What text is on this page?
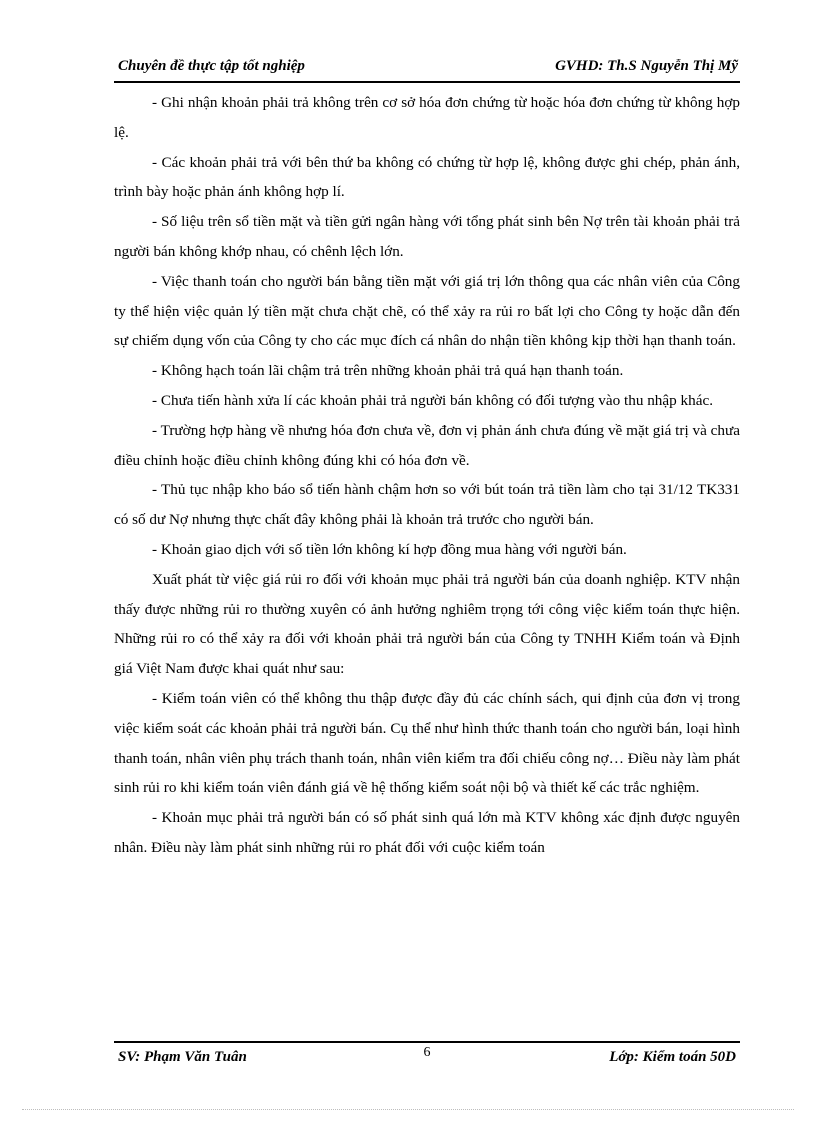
Chuyên đề thực tập tốt nghiệp	GVHD: Th.S Nguyễn Thị Mỹ

- Ghi nhận khoản phải trả không trên cơ sở hóa đơn chứng từ hoặc hóa đơn chứng từ không hợp lệ.

- Các khoản phải trả với bên thứ ba không có chứng từ hợp lệ, không được ghi chép, phản ánh, trình bày hoặc phản ánh không hợp lí.

- Số liệu trên sổ tiền mặt và tiền gửi ngân hàng với tổng phát sinh bên Nợ trên tài khoản phải trả người bán không khớp nhau, có chênh lệch lớn.

- Việc thanh toán cho người bán bằng tiền mặt với giá trị lớn thông qua các nhân viên của Công ty thể hiện việc quản lý tiền mặt chưa chặt chẽ, có thể xảy ra rủi ro bất lợi cho Công ty hoặc dẫn đến sự chiếm dụng vốn của Công ty cho các mục đích cá nhân do nhận tiền không kịp thời hạn thanh toán.

- Không hạch toán lãi chậm trả trên những khoản phải trả quá hạn thanh toán.

- Chưa tiến hành xửa lí các khoản phải trả người bán không có đối tượng vào thu nhập khác.

- Trường hợp hàng về nhưng hóa đơn chưa về, đơn vị phản ánh chưa đúng về mặt giá trị và chưa điều chỉnh hoặc điều chỉnh không đúng khi có hóa đơn về.

- Thủ tục nhập kho báo sổ tiến hành chậm hơn so với bút toán trả tiền làm cho tại 31/12 TK331 có số dư Nợ nhưng thực chất đây không phải là khoản trả trước cho người bán.

- Khoản giao dịch với số tiền lớn không kí hợp đồng mua hàng với người bán.

Xuất phát từ việc giá rủi ro đối với khoản mục phải trả người bán của doanh nghiệp. KTV nhận thấy được những rủi ro thường xuyên có ảnh hưởng nghiêm trọng tới công việc kiểm toán thực hiện. Những rủi ro có thể xảy ra đối với khoản phải trả người bán của Công ty TNHH Kiểm toán và Định giá Việt Nam được khai quát như sau:

- Kiểm toán viên có thể không thu thập được đầy đủ các chính sách, qui định của đơn vị trong việc kiểm soát các khoản phải trả người bán. Cụ thể như hình thức thanh toán cho người bán, loại hình thanh toán, nhân viên phụ trách thanh toán, nhân viên kiểm tra đối chiếu công nợ… Điều này làm phát sinh rủi ro khi kiểm toán viên đánh giá về hệ thống kiểm soát nội bộ và thiết kế các trắc nghiệm.

- Khoản mục phải trả người bán có số phát sinh quá lớn mà KTV không xác định được nguyên nhân. Điều này làm phát sinh những rủi ro phát đối với cuộc kiểm toán

SV: Phạm Văn Tuân	6	Lớp: Kiểm toán 50D
